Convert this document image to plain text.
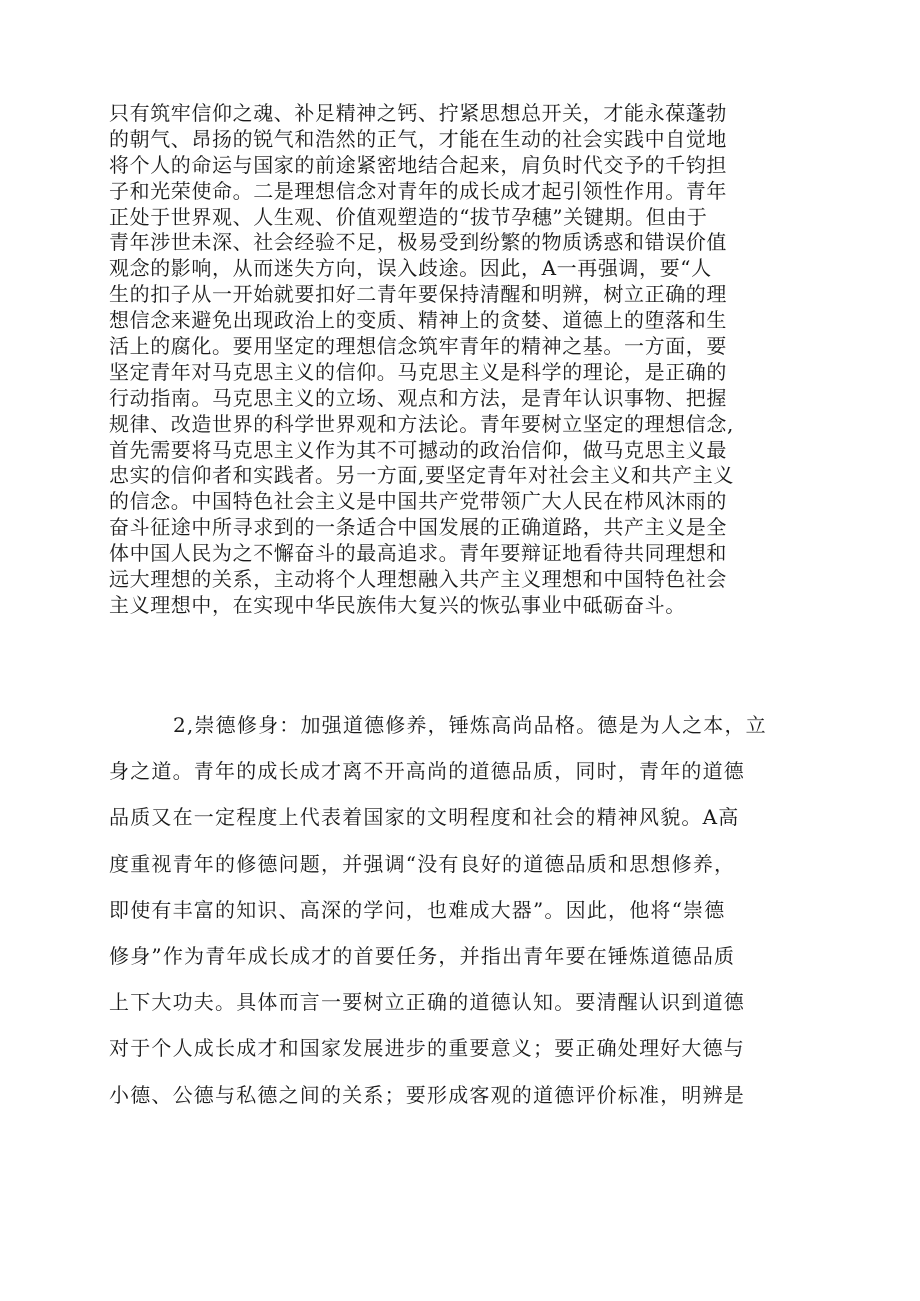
只有筑牢信仰之魂、补足精神之钙、拧紧思想总开关，才能永葆蓬勃
的朝气、昂扬的锐气和浩然的正气，才能在生动的社会实践中自觉地
将个人的命运与国家的前途紧密地结合起来，肩负时代交予的千钧担
子和光荣使命。二是理想信念对青年的成长成才起引领性作用。青年
正处于世界观、人生观、价值观塑造的“拔节孕穗”关键期。但由于
青年涉世未深、社会经验不足，极易受到纷繁的物质诱惑和错误价值
观念的影响，从而迷失方向，误入歧途。因此，A一再强调，要“人
生的扣子从一开始就要扣好二青年要保持清醒和明辨，树立正确的理
想信念来避免出现政治上的变质、精神上的贪婪、道德上的堕落和生
活上的腐化。要用坚定的理想信念筑牢青年的精神之基。一方面，要
坚定青年对马克思主义的信仰。马克思主义是科学的理论，是正确的
行动指南。马克思主义的立场、观点和方法，是青年认识事物、把握
规律、改造世界的科学世界观和方法论。青年要树立坚定的理想信念,
首先需要将马克思主义作为其不可撼动的政治信仰，做马克思主义最
忠实的信仰者和实践者。另一方面,要坚定青年对社会主义和共产主义
的信念。中国特色社会主义是中国共产党带领广大人民在栉风沐雨的
奋斗征途中所寻求到的一条适合中国发展的正确道路，共产主义是全
体中国人民为之不懈奋斗的最高追求。青年要辩证地看待共同理想和
远大理想的关系，主动将个人理想融入共产主义理想和中国特色社会
主义理想中，在实现中华民族伟大复兴的恢弘事业中砥砺奋斗。
2,崇德修身：加强道德修养，锤炼高尚品格。德是为人之本，立
身之道。青年的成长成才离不开高尚的道德品质，同时，青年的道德
品质又在一定程度上代表着国家的文明程度和社会的精神风貌。A高
度重视青年的修德问题，并强调“没有良好的道德品质和思想修养，
即使有丰富的知识、高深的学问，也难成大器”。因此，他将“崇德
修身”作为青年成长成才的首要任务，并指出青年要在锤炼道德品质
上下大功夫。具体而言一要树立正确的道德认知。要清醒认识到道德
对于个人成长成才和国家发展进步的重要意义；要正确处理好大德与
小德、公德与私德之间的关系；要形成客观的道德评价标准，明辨是
